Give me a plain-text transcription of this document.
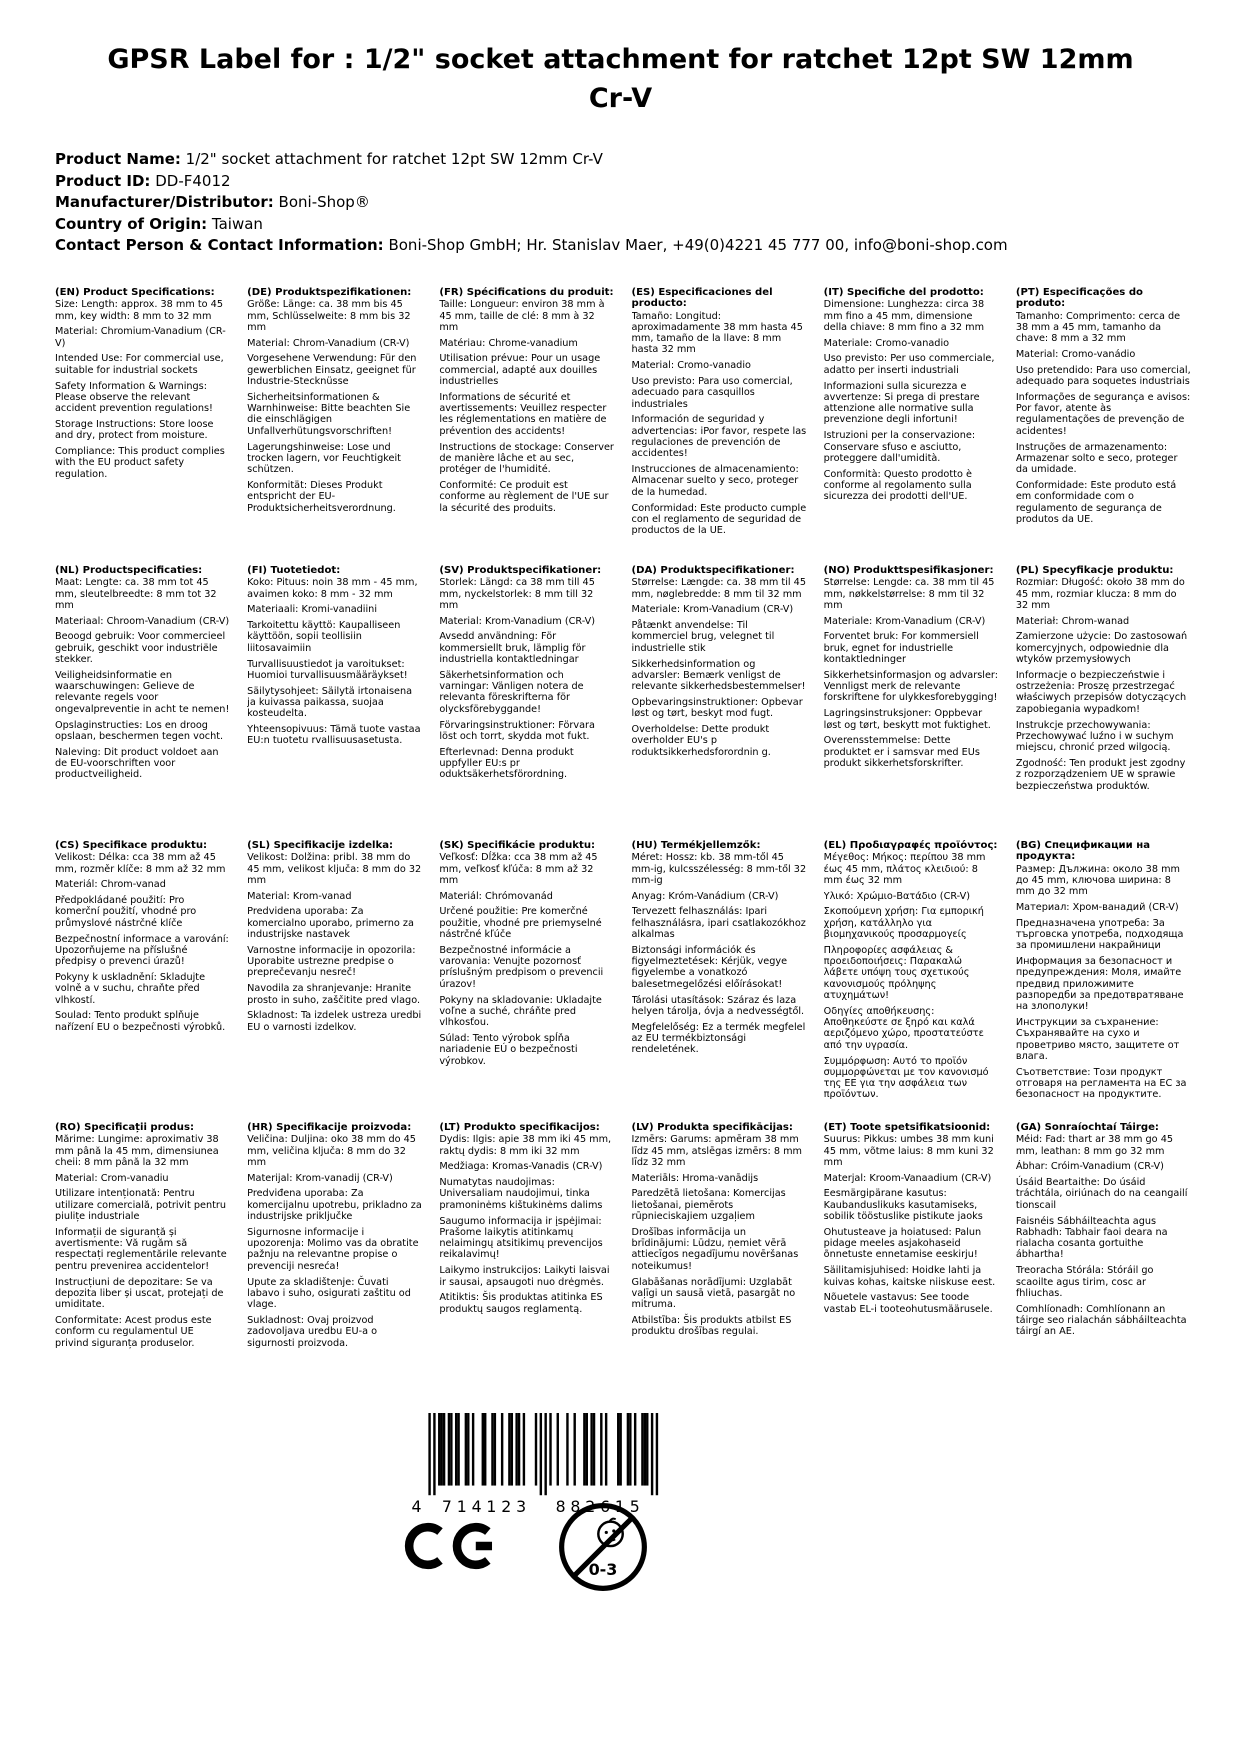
GPSR Label for : 1/2" socket attachment for ratchet 12pt SW 12mm
Cr-V
Product Name: 1/2" socket attachment for ratchet 12pt SW 12mm Cr-V
Product ID: DD-F4012
Manufacturer/Distributor: Boni-Shop®
Country of Origin: Taiwan
Contact Person & Contact Information: Boni-Shop GmbH; Hr. Stanislav Maer, +49(0)4221 45 777 00, info@boni-shop.com
(EN) Product Specifications:

Size: Length: approx. 38 mm to 45 mm, key width: 8 mm to 32 mm

Material: Chromium-Vanadium (CR-V)

Intended Use: For commercial use, suitable for industrial sockets

Safety Information & Warnings: Please observe the relevant accident prevention regulations!

Storage Instructions: Store loose and dry, protect from moisture.

Compliance: This product complies with the EU product safety regulation.

(DE) Produktspezifikationen:

Größe: Länge: ca. 38 mm bis 45 mm, Schlüsselweite: 8 mm bis 32 mm

Material: Chrom-Vanadium (CR-V)

Vorgesehene Verwendung: Für den gewerblichen Einsatz, geeignet für Industrie-Stecknüsse

Sicherheitsinformationen & Warnhinweise: Bitte beachten Sie die einschlägigen Unfallverhütungsvorschriften!

Lagerungshinweise: Lose und trocken lagern, vor Feuchtigkeit schützen.

Konformität: Dieses Produkt entspricht der EU-Produktsicherheitsverordnung.

(FR) Spécifications du produit:

Taille: Longueur: environ 38 mm à 45 mm, taille de clé: 8 mm à 32 mm

Matériau: Chrome-vanadium

Utilisation prévue: Pour un usage commercial, adapté aux douilles industrielles

Informations de sécurité et avertissements: Veuillez respecter les réglementations en matière de prévention des accidents!

Instructions de stockage: Conserver de manière lâche et au sec, protéger de l'humidité.

Conformité: Ce produit est conforme au règlement de l'UE sur la sécurité des produits.

(ES) Especificaciones del producto:

Tamaño: Longitud: aproximadamente 38 mm hasta 45 mm, tamaño de la llave: 8 mm hasta 32 mm

Material: Cromo-vanadio

Uso previsto: Para uso comercial, adecuado para casquillos industriales

Información de seguridad y advertencias: iPor favor, respete las regulaciones de prevención de accidentes!

Instrucciones de almacenamiento: Almacenar suelto y seco, proteger de la humedad.

Conformidad: Este producto cumple con el reglamento de seguridad de productos de la UE.

(IT) Specifiche del prodotto:

Dimensione: Lunghezza: circa 38 mm fino a 45 mm, dimensione della chiave: 8 mm fino a 32 mm

Materiale: Cromo-vanadio

Uso previsto: Per uso commerciale, adatto per inserti industriali

Informazioni sulla sicurezza e avvertenze: Si prega di prestare attenzione alle normative sulla prevenzione degli infortuni!

Istruzioni per la conservazione: Conservare sfuso e asciutto, proteggere dall'umidità.

Conformità: Questo prodotto è conforme al regolamento sulla sicurezza dei prodotti dell'UE.

(PT) Especificações do produto:

Tamanho: Comprimento: cerca de 38 mm a 45 mm, tamanho da chave: 8 mm a 32 mm

Material: Cromo-vanádio

Uso pretendido: Para uso comercial, adequado para soquetes industriais

Informações de segurança e avisos: Por favor, atente às regulamentações de prevenção de acidentes!

Instruções de armazenamento: Armazenar solto e seco, proteger da umidade.

Conformidade: Este produto está em conformidade com o regulamento de segurança de produtos da UE.

(NL) Productspecificaties:

Maat: Lengte: ca. 38 mm tot 45 mm, sleutelbreedte: 8 mm tot 32 mm

Materiaal: Chroom-Vanadium (CR-V)

Beoogd gebruik: Voor commercieel gebruik, geschikt voor industriële stekker.

Veiligheidsinformatie en waarschuwingen: Gelieve de relevante regels voor ongevalpreventie in acht te nemen!

Opslaginstructies: Los en droog opslaan, beschermen tegen vocht.

Naleving: Dit product voldoet aan de EU-voorschriften voor productveiligheid.

(FI) Tuotetiedot:

Koko: Pituus: noin 38 mm - 45 mm, avaimen koko: 8 mm - 32 mm

Materiaali: Kromi-vanadiini

Tarkoitettu käyttö: Kaupalliseen käyttöön, sopii teollisiin liitosavaimiin

Turvallisuustiedot ja varoitukset: Huomioi turvallisuusmääräykset!

Säilytysohjeet: Säilytä irtonaisena ja kuivassa paikassa, suojaa kosteudelta.

Yhteensopivuus: Tämä tuote vastaa EU:n tuotetu rvallisuusasetusta.

(SV) Produktspecifikationer:

Storlek: Längd: ca 38 mm till 45 mm, nyckelstorlek: 8 mm till 32 mm

Material: Krom-Vanadium (CR-V)

Avsedd användning: För kommersiellt bruk, lämplig för industriella kontaktledningar

Säkerhetsinformation och varningar: Vänligen notera de relevanta föreskrifterna för olycksförebyggande!

Förvaringsinstruktioner: Förvara löst och torrt, skydda mot fukt.

Efterlevnad: Denna produkt uppfyller EU:s pr oduktsäkerhetsförordning.

(DA) Produktspecifikationer:

Størrelse: Længde: ca. 38 mm til 45 mm, nøglebredde: 8 mm til 32 mm

Materiale: Krom-Vanadium (CR-V)

Påtænkt anvendelse: Til kommerciel brug, velegnet til industrielle stik

Sikkerhedsinformation og advarsler: Bemærk venligst de relevante sikkerhedsbestemmelser!

Opbevaringsinstruktioner: Opbevar løst og tørt, beskyt mod fugt.

Overholdelse: Dette produkt overholder EU's p roduktsikkerhedsforordnin g.

(NO) Produkttspesifikasjoner:

Størrelse: Lengde: ca. 38 mm til 45 mm, nøkkelstørrelse: 8 mm til 32 mm

Materiale: Krom-Vanadium (CR-V)

Forventet bruk: For kommersiell bruk, egnet for industrielle kontaktledninger

Sikkerhetsinformasjon og advarsler: Vennligst merk de relevante forskriftene for ulykkesforebygging!

Lagringsinstruksjoner: Oppbevar løst og tørt, beskytt mot fuktighet.

Overensstemmelse: Dette produktet er i samsvar med EUs produkt sikkerhetsforskrifter.

(PL) Specyfikacje produktu:

Rozmiar: Długość: około 38 mm do 45 mm, rozmiar klucza: 8 mm do 32 mm

Materiał: Chrom-wanad

Zamierzone użycie: Do zastosowań komercyjnych, odpowiednie dla wtyków przemysłowych

Informacje o bezpieczeństwie i ostrzeżenia: Proszę przestrzegać właściwych przepisów dotyczących zapobiegania wypadkom!

Instrukcje przechowywania: Przechowywać luźno i w suchym miejscu, chronić przed wilgocią.

Zgodność: Ten produkt jest zgodny z rozporządzeniem UE w sprawie bezpieczeństwa produktów.

(CS) Specifikace produktu:

Velikost: Délka: cca 38 mm až 45 mm, rozměr klíče: 8 mm až 32 mm

Materiál: Chrom-vanad

Předpokládané použití: Pro komerční použití, vhodné pro průmyslové nástrčné klíče

Bezpečnostní informace a varování: Upozorňujeme na příslušné předpisy o prevenci úrazů!

Pokyny k uskladnění: Skladujte volně a v suchu, chraňte před vlhkostí.

Soulad: Tento produkt splňuje nařízení EU o bezpečnosti výrobků.

(SL) Specifikacije izdelka:

Velikost: Dolžina: pribl. 38 mm do 45 mm, velikost ključa: 8 mm do 32 mm

Material: Krom-vanad

Predvidena uporaba: Za komercialno uporabo, primerno za industrijske nastavek

Varnostne informacije in opozorila: Uporabite ustrezne predpise o preprečevanju nesreč!

Navodila za shranjevanje: Hranite prosto in suho, zaščitite pred vlago.

Skladnost: Ta izdelek ustreza uredbi EU o varnosti izdelkov.

(SK) Špecifikácie produktu:

Veľkosť: Dĺžka: cca 38 mm až 45 mm, veľkosť kľúča: 8 mm až 32 mm

Materiál: Chrómovanád

Určené použitie: Pre komerčné použitie, vhodné pre priemyselné nástrčné kľúče

Bezpečnostné informácie a varovania: Venujte pozornosť príslušným predpisom o prevencii úrazov!

Pokyny na skladovanie: Ukladajte voľne a suché, chráňte pred vlhkosťou.

Súlad: Tento výrobok spĺňa nariadenie EÚ o bezpečnosti výrobkov.

(HU) Termékjellemzők:

Méret: Hossz: kb. 38 mm-től 45 mm-ig, kulcsszélesség: 8 mm-től 32 mm-ig

Anyag: Króm-Vanádium (CR-V)

Tervezett felhasználás: Ipari felhasználásra, ipari csatlakozókhoz alkalmas

Biztonsági információk és figyelmeztetések: Kérjük, vegye figyelembe a vonatkozó balesetmegelőzési előírásokat!

Tárolási utasítások: Száraz és laza helyen tárolja, óvja a nedvességtől.

Megfelelőség: Ez a termék megfelel az EU termékbiztonsági rendeletének.

(EL) Προδιαγραφές προϊόντος:

Μέγεθος: Μήκος: περίπου 38 mm έως 45 mm, πλάτος κλειδιού: 8 mm έως 32 mm

Υλικό: Χρώμιο-Βατάδιο (CR-V)

Σκοπούμενη χρήση: Για εμπορική χρήση, κατάλληλο για βιομηχανικούς προσαρμογείς

Πληροφορίες ασφάλειας & προειδοποιήσεις: Παρακαλώ λάβετε υπόψη τους σχετικούς κανονισμούς πρόληψης ατυχημάτων!

Οδηγίες αποθήκευσης: Αποθηκεύστε σε ξηρό και καλά αεριζόμενο χώρο, προστατεύστε από την υγρασία.

Συμμόρφωση: Αυτό το προϊόν συμμορφώνεται με τον κανονισμό της ΕΕ για την ασφάλεια των προϊόντων.

(BG) Спецификации на продукта:

Размер: Дължина: около 38 mm до 45 mm, ключова ширина: 8 mm до 32 mm

Материал: Хром-ванадий (CR-V)

Предназначена употреба: За търговска употреба, подходяща за промишлени накрайници

Информация за безопасност и предупреждения: Моля, имайте предвид приложимите разпоредби за предотвратяване на злополуки!

Инструкции за съхранение: Съхранявайте на сухо и проветриво място, защитете от влага.

Съответствие: Този продукт отговаря на регламента на ЕС за безопасност на продуктите.

(RO) Specificații produs:

Mărime: Lungime: aproximativ 38 mm până la 45 mm, dimensiunea cheii: 8 mm până la 32 mm

Material: Crom-vanadiu

Utilizare intenționată: Pentru utilizare comercială, potrivit pentru piulițe industriale

Informații de siguranță și avertismente: Vă rugăm să respectați reglementările relevante pentru prevenirea accidentelor!

Instrucțiuni de depozitare: Se va depozita liber și uscat, protejați de umiditate.

Conformitate: Acest produs este conform cu regulamentul UE privind siguranța produselor.

(HR) Specifikacije proizvoda:

Veličina: Duljina: oko 38 mm do 45 mm, veličina ključa: 8 mm do 32 mm

Materijal: Krom-vanadij (CR-V)

Predviđena uporaba: Za komercijalnu upotrebu, prikladno za industrijske priključke

Sigurnosne informacije i upozorenja: Molimo vas da obratite pažnju na relevantne propise o prevenciji nesreća!

Upute za skladištenje: Čuvati labavo i suho, osigurati zaštitu od vlage.

Sukladnost: Ovaj proizvod zadovoljava uredbu EU-a o sigurnosti proizvoda.

(LT) Produkto specifikacijos:

Dydis: Ilgis: apie 38 mm iki 45 mm, raktų dydis: 8 mm iki 32 mm

Medžiaga: Kromas-Vanadis (CR-V)

Numatytas naudojimas: Universaliam naudojimui, tinka pramoninėms kištukinėms dalims

Saugumo informacija ir įspėjimai: Prašome laikytis atitinkamų nelaimingų atsitikimų prevencijos reikalavimų!

Laikymo instrukcijos: Laikyti laisvai ir sausai, apsaugoti nuo drėgmės.

Atitiktis: Šis produktas atitinka ES produktų saugos reglamentą.

(LV) Produkta specifikācijas:

Izmērs: Garums: apmēram 38 mm līdz 45 mm, atslēgas izmērs: 8 mm līdz 32 mm

Materiāls: Hroma-vanādijs

Paredzētā lietošana: Komercijas lietošanai, piemērots rūpnieciskajiem uzgaļiem

Drošības informācija un brīdinājumi: Lūdzu, ņemiet vērā attiecīgos negadījumu novēršanas noteikumus!

Glabāšanas norādījumi: Uzglabāt vaļīgi un sausā vietā, pasargāt no mitruma.

Atbilstība: Šis produkts atbilst ES produktu drošības regulai.

(ET) Toote spetsifikatsioonid:

Suurus: Pikkus: umbes 38 mm kuni 45 mm, võtme laius: 8 mm kuni 32 mm

Materjal: Kroom-Vanaadium (CR-V)

Eesmärgipärane kasutus: Kaubanduslikuks kasutamiseks, sobilik tööstuslike pistikute jaoks

Ohutusteave ja hoiatused: Palun pidage meeles asjakohaseid õnnetuste ennetamise eeskirju!

Säilitamisjuhised: Hoidke lahti ja kuivas kohas, kaitske niiskuse eest.

Nõuetele vastavus: See toode vastab EL-i tooteohutusmäärusele.

(GA) Sonraíochtaí Táirge:

Méid: Fad: thart ar 38 mm go 45 mm, leathan: 8 mm go 32 mm

Ábhar: Cróim-Vanadium (CR-V)

Úsáid Beartaithe: Do úsáid tráchtála, oiriúnach do na ceangailí tionscail

Faisnéis Sábháilteachta agus Rabhadh: Tabhair faoi deara na rialacha cosanta gortuithe ábhartha!

Treoracha Stórála: Stóráil go scaoilte agus tirim, cosc ar fhliuchas.

Comhlíonadh: Comhlíonann an táirge seo rialachán sábháilteachta táirgí an AE.

4 714123 882615
0-3
